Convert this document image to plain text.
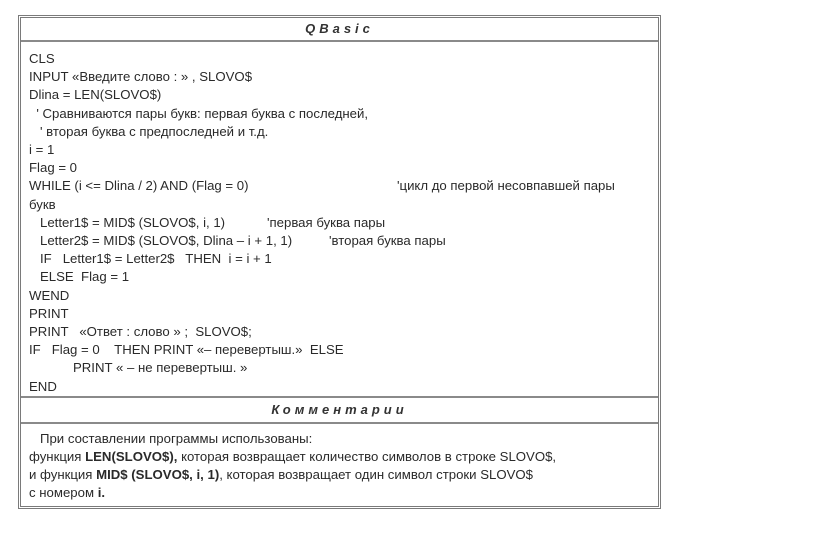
QBasic
CLS
INPUT «Введите слово : » , SLOVO$
Dlina = LEN(SLOVO$)
' Сравниваются пары букв: первая буква с последней,
' вторая буква с предпоследней и т.д.
i = 1
Flag = 0
WHILE (i <= Dlina / 2) AND (Flag = 0)	'цикл до первой несовпавшей пары
букв
Letter1$ = MID$ (SLOVO$, i, 1)	'первая буква пары
Letter2$ = MID$ (SLOVO$, Dlina – i + 1, 1)	'вторая буква пары
IF   Letter1$ = Letter2$   THEN  i = i + 1
ELSE  Flag = 1
WEND
PRINT
PRINT   «Ответ : слово » ;  SLOVO$;
IF   Flag = 0    THEN PRINT «– перевертыш.»  ELSE
PRINT « – не перевертыш. »
END
Комментарии
При составлении программы использованы:
функция LEN(SLOVO$), которая возвращает количество символов в строке SLOVO$,
и функция MID$ (SLOVO$, i, 1), которая возвращает один символ строки SLOVO$
с номером i.
